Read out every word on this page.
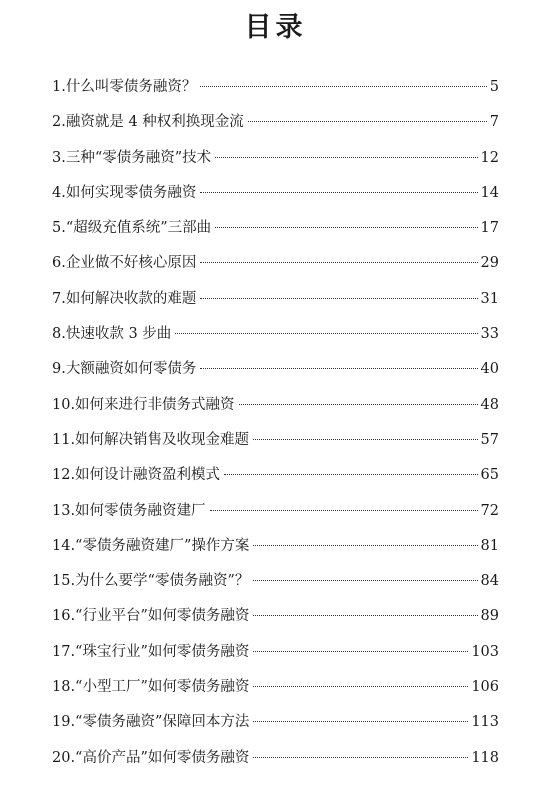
目录
1.什么叫零债务融资？	5
2.融资就是 4 种权利换现金流	7
3.三种“零债务融资”技术	12
4.如何实现零债务融资	14
5.“超级充值系统”三部曲	17
6.企业做不好核心原因	29
7.如何解决收款的难题	31
8.快速收款 3 步曲	33
9.大额融资如何零债务	40
10.如何来进行非债务式融资	48
11.如何解决销售及收现金难题	57
12.如何设计融资盈利模式	65
13.如何零债务融资建厂	72
14.“零债务融资建厂”操作方案	81
15.为什么要学“零债务融资”？	84
16.“行业平台”如何零债务融资	89
17.“珠宝行业”如何零债务融资	103
18.“小型工厂”如何零债务融资	106
19.“零债务融资”保障回本方法	113
20.“高价产品”如何零债务融资	118
